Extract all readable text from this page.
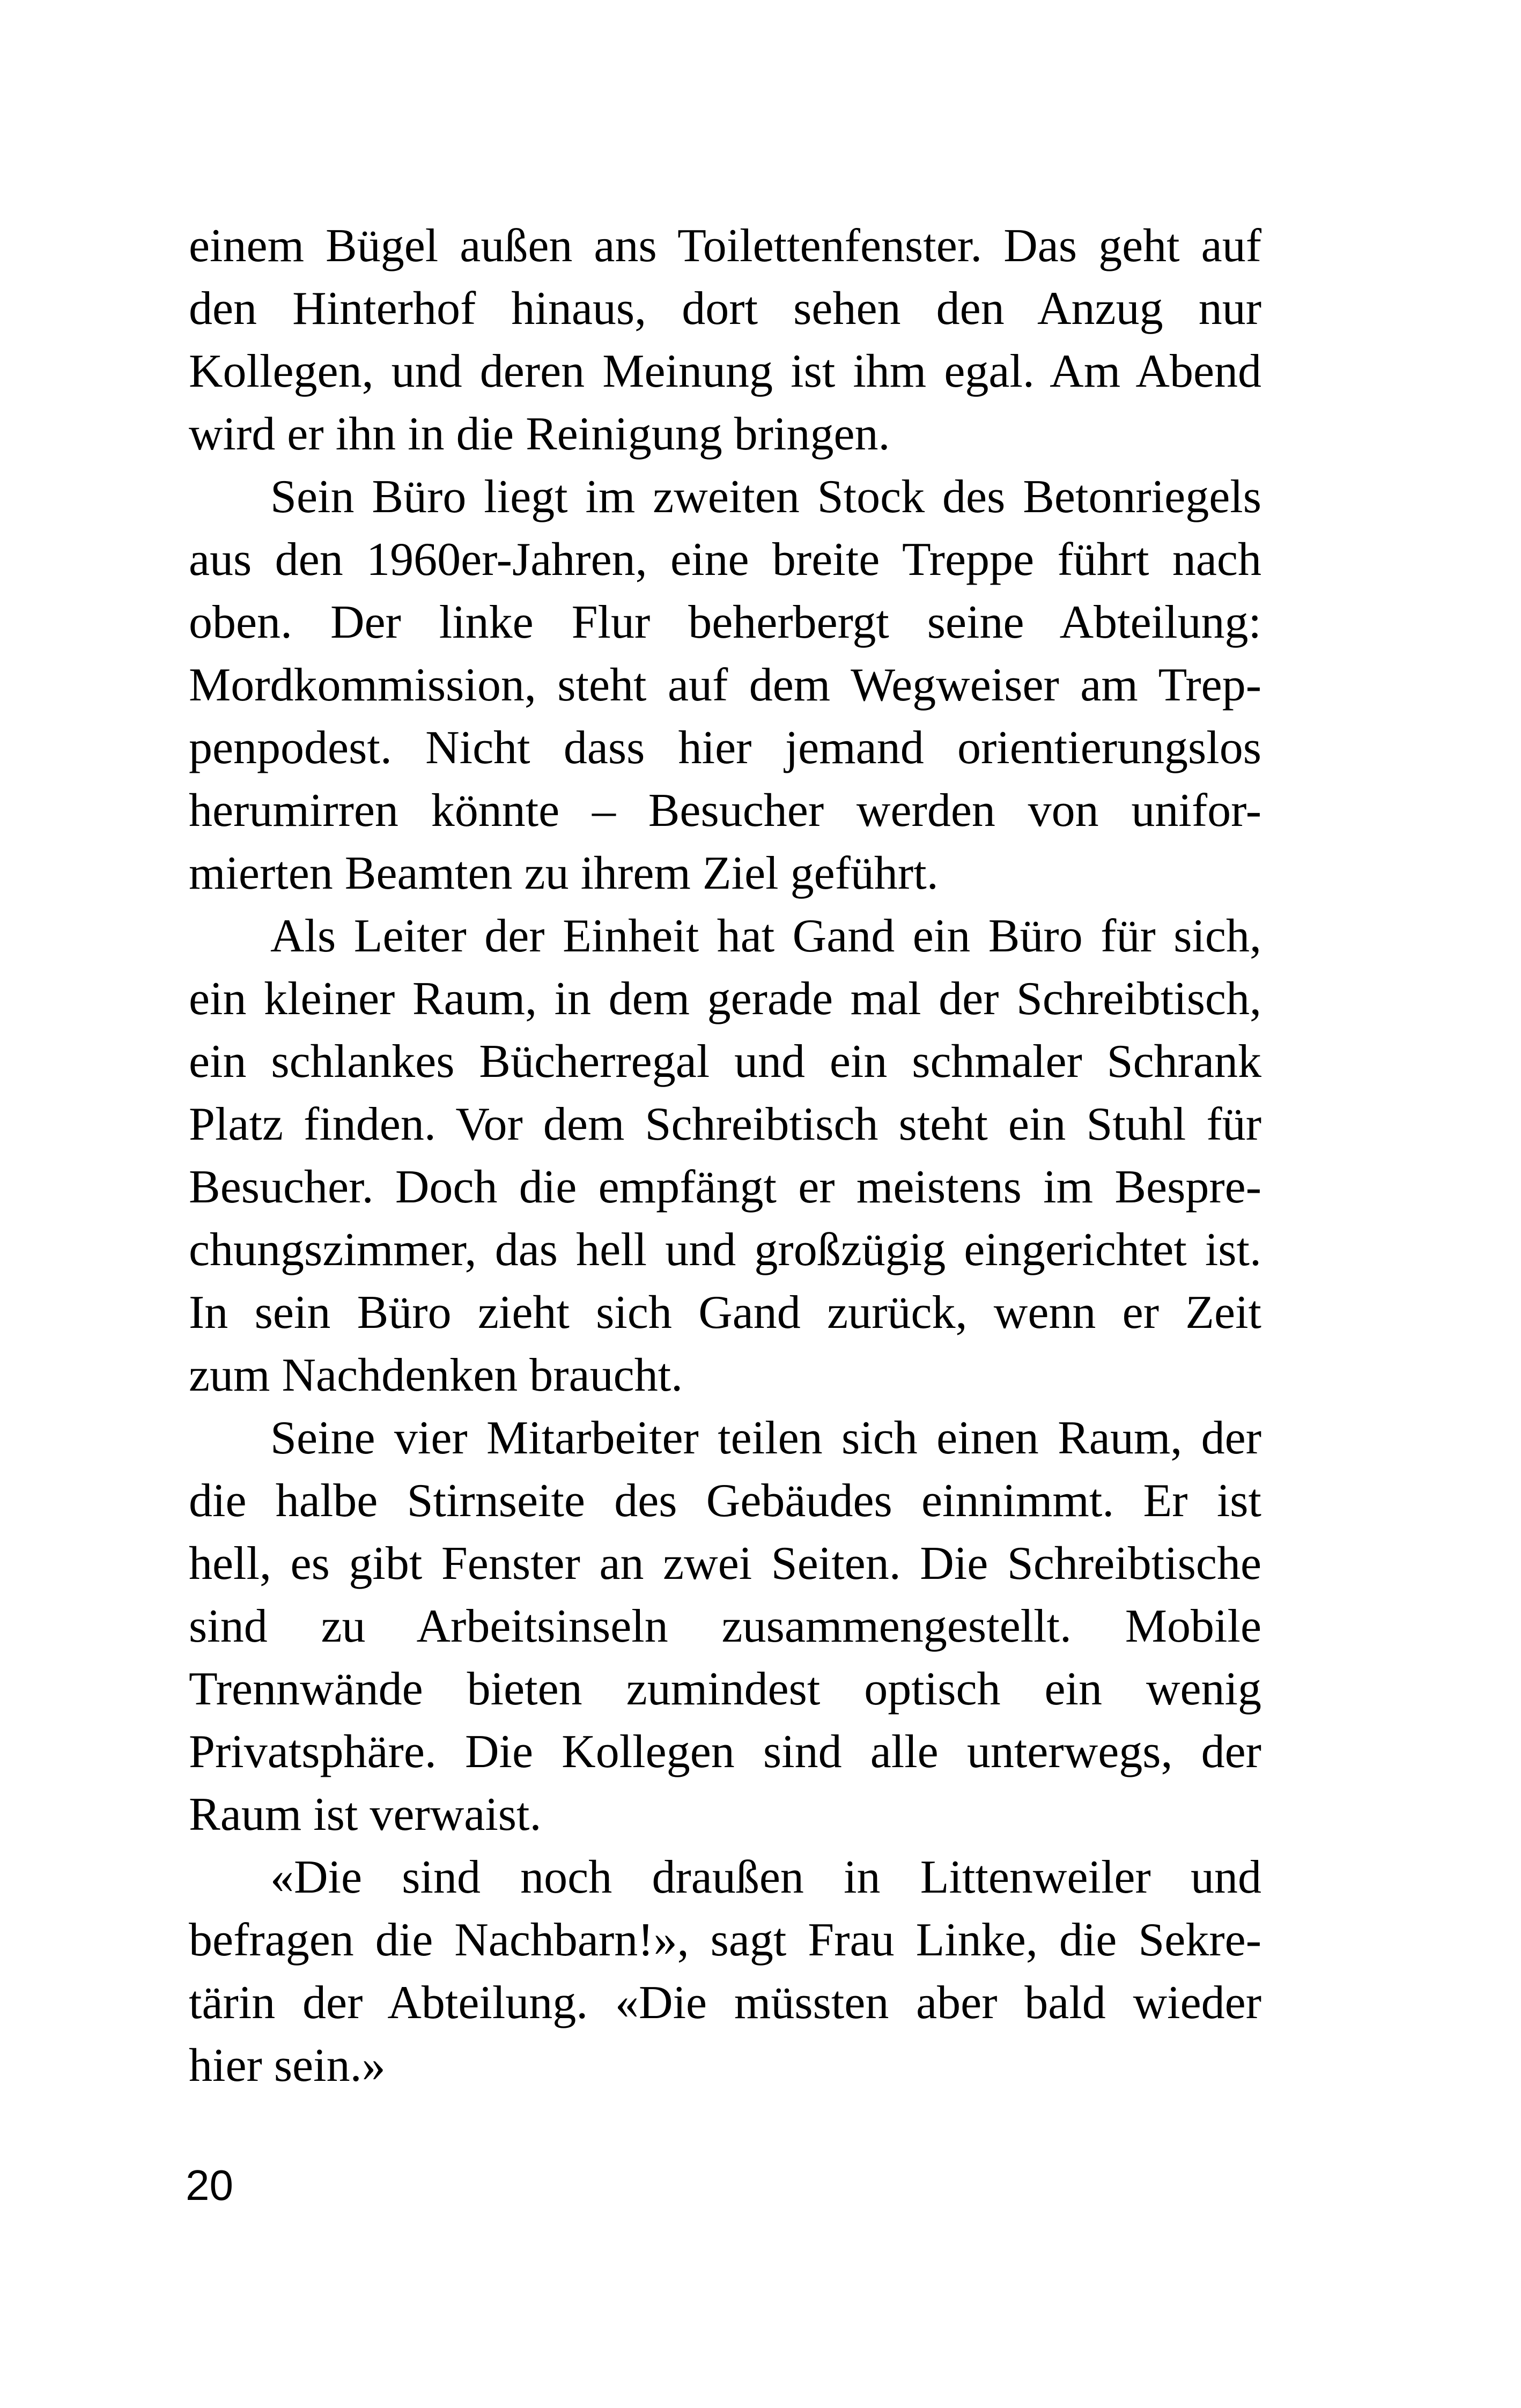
einem Bügel außen ans Toilettenfenster. Das geht auf
den Hinterhof hinaus, dort sehen den Anzug nur
Kollegen, und deren Meinung ist ihm egal. Am Abend
wird er ihn in die Reinigung bringen.
Sein Büro liegt im zweiten Stock des Betonriegels
aus den 1960er-Jahren, eine breite Treppe führt nach
oben. Der linke Flur beherbergt seine Abteilung:
Mordkommission, steht auf dem Wegweiser am Trep-
penpodest. Nicht dass hier jemand orientierungslos
herumirren könnte – Besucher werden von unifor-
mierten Beamten zu ihrem Ziel geführt.
Als Leiter der Einheit hat Gand ein Büro für sich,
ein kleiner Raum, in dem gerade mal der Schreibtisch,
ein schlankes Bücherregal und ein schmaler Schrank
Platz finden. Vor dem Schreibtisch steht ein Stuhl für
Besucher. Doch die empfängt er meistens im Bespre-
chungszimmer, das hell und großzügig eingerichtet ist.
In sein Büro zieht sich Gand zurück, wenn er Zeit
zum Nachdenken braucht.
Seine vier Mitarbeiter teilen sich einen Raum, der
die halbe Stirnseite des Gebäudes einnimmt. Er ist
hell, es gibt Fenster an zwei Seiten. Die Schreibtische
sind zu Arbeitsinseln zusammengestellt. Mobile
Trennwände bieten zumindest optisch ein wenig
Privatsphäre. Die Kollegen sind alle unterwegs, der
Raum ist verwaist.
«Die sind noch draußen in Littenweiler und
befragen die Nachbarn!», sagt Frau Linke, die Sekre-
tärin der Abteilung. «Die müssten aber bald wieder
hier sein.»
20
